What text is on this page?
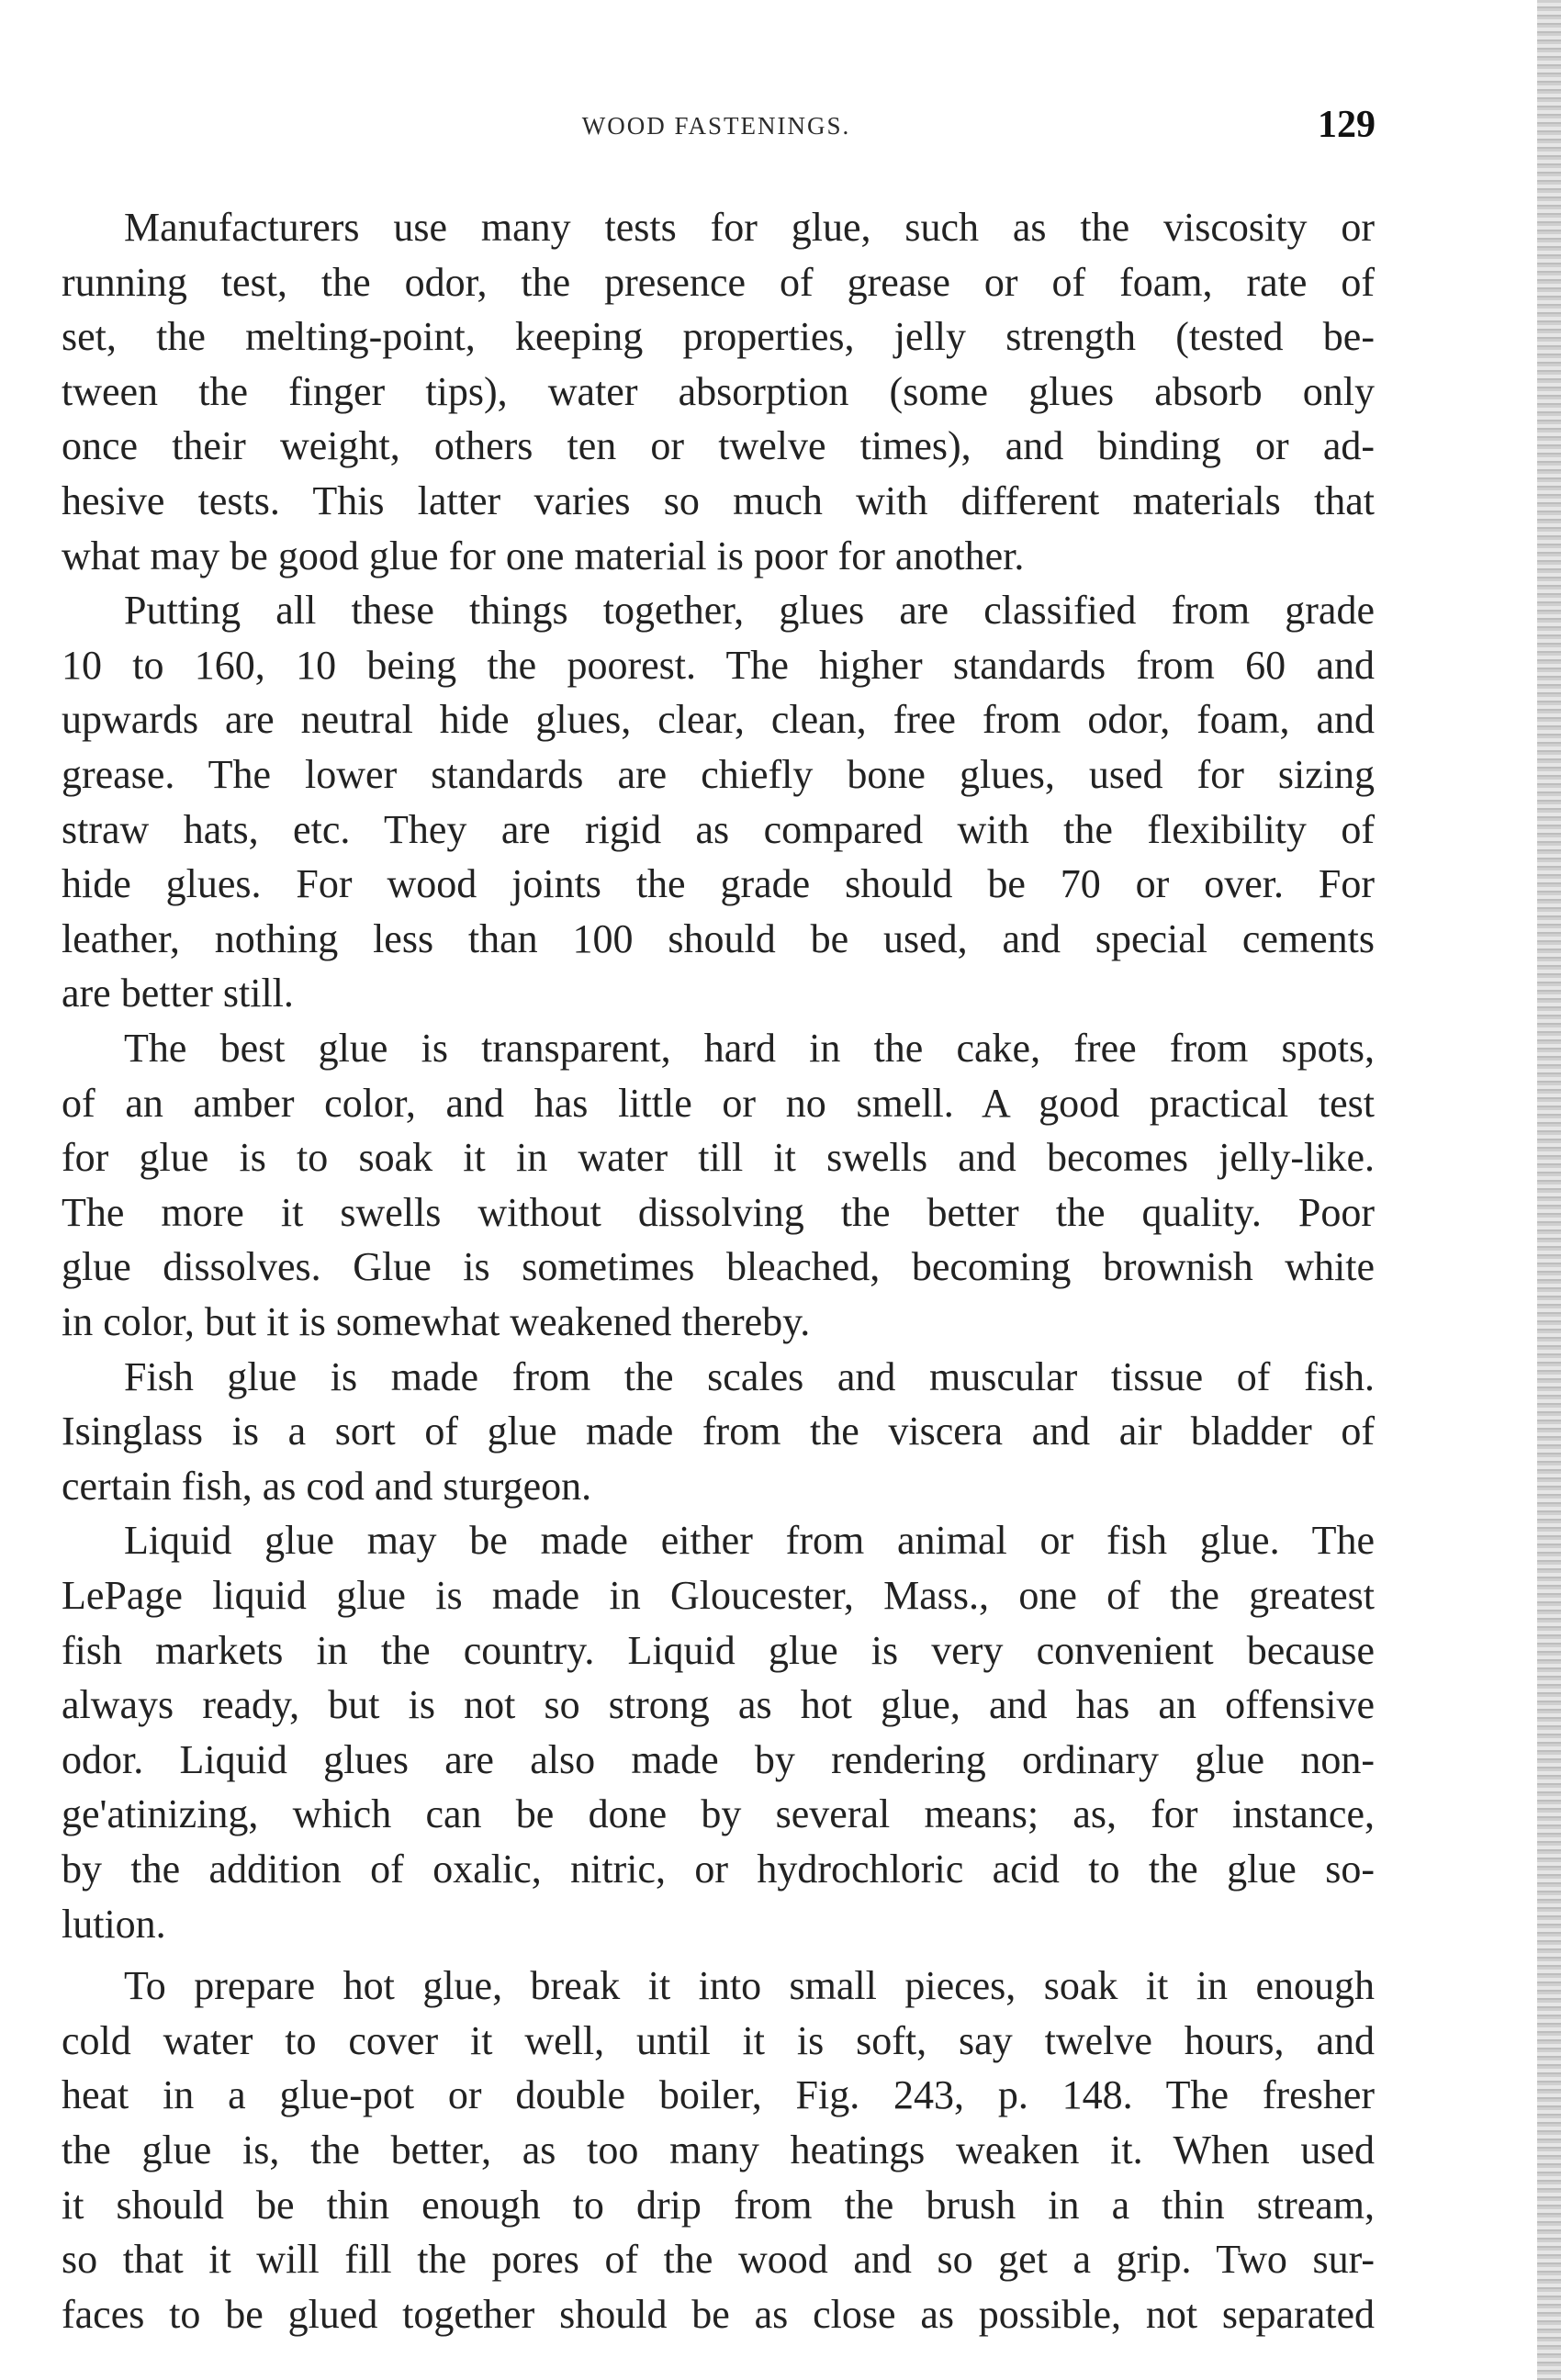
WOOD FASTENINGS.	129
Manufacturers use many tests for glue, such as the viscosity or
running test, the odor, the presence of grease or of foam, rate of
set, the melting-point, keeping properties, jelly strength (tested be-
tween the finger tips), water absorption (some glues absorb only
once their weight, others ten or twelve times), and binding or ad-
hesive tests. This latter varies so much with different materials that
what may be good glue for one material is poor for another.
Putting all these things together, glues are classified from grade
10 to 160, 10 being the poorest. The higher standards from 60 and
upwards are neutral hide glues, clear, clean, free from odor, foam, and
grease. The lower standards are chiefly bone glues, used for sizing
straw hats, etc. They are rigid as compared with the flexibility of
hide glues. For wood joints the grade should be 70 or over. For
leather, nothing less than 100 should be used, and special cements
are better still.
The best glue is transparent, hard in the cake, free from spots,
of an amber color, and has little or no smell. A good practical test
for glue is to soak it in water till it swells and becomes jelly-like.
The more it swells without dissolving the better the quality. Poor
glue dissolves. Glue is sometimes bleached, becoming brownish white
in color, but it is somewhat weakened thereby.
Fish glue is made from the scales and muscular tissue of fish.
Isinglass is a sort of glue made from the viscera and air bladder of
certain fish, as cod and sturgeon.
Liquid glue may be made either from animal or fish glue. The
LePage liquid glue is made in Gloucester, Mass., one of the greatest
fish markets in the country. Liquid glue is very convenient because
always ready, but is not so strong as hot glue, and has an offensive
odor. Liquid glues are also made by rendering ordinary glue non-
ge'atinizing, which can be done by several means; as, for instance,
by the addition of oxalic, nitric, or hydrochloric acid to the glue so-
lution.
To prepare hot glue, break it into small pieces, soak it in enough
cold water to cover it well, until it is soft, say twelve hours, and
heat in a glue-pot or double boiler, Fig. 243, p. 148. The fresher
the glue is, the better, as too many heatings weaken it. When used
it should be thin enough to drip from the brush in a thin stream,
so that it will fill the pores of the wood and so get a grip. Two sur-
faces to be glued together should be as close as possible, not separated
